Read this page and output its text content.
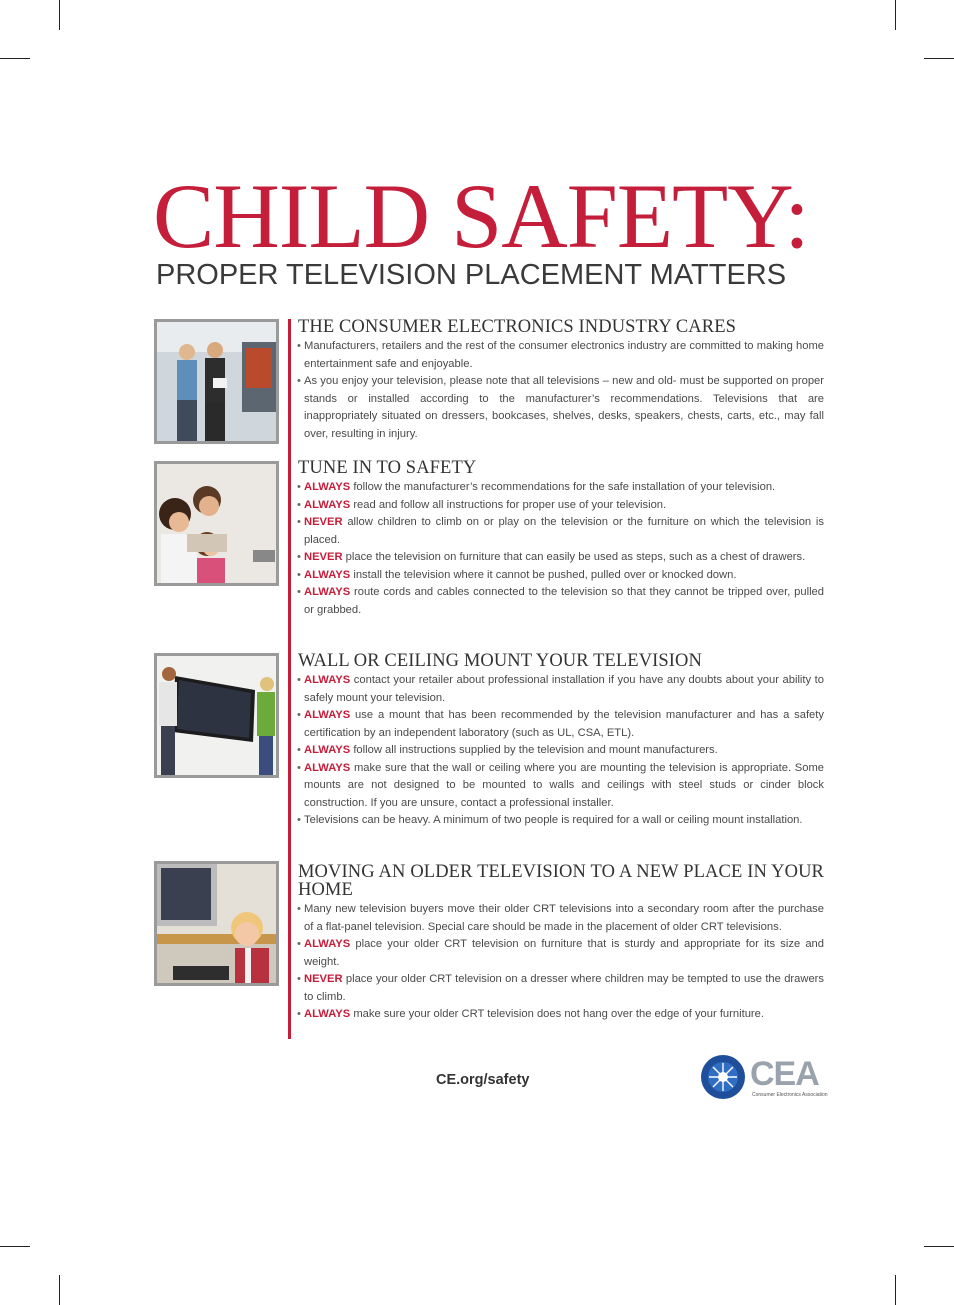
CHILD SAFETY:
PROPER TELEVISION PLACEMENT MATTERS
THE CONSUMER ELECTRONICS INDUSTRY CARES
• Manufacturers, retailers and the rest of the consumer electronics industry are committed to making home entertainment safe and enjoyable.
• As you enjoy your television, please note that all televisions – new and old- must be supported on proper stands or installed according to the manufacturer’s recommendations. Televisions that are inappropriately situated on dressers, bookcases, shelves, desks, speakers, chests, carts, etc., may fall over, resulting in injury.
TUNE IN TO SAFETY
• ALWAYS follow the manufacturer’s recommendations for the safe installation of your television.
• ALWAYS read and follow all instructions for proper use of your television.
• NEVER allow children to climb on or play on the television or the furniture on which the television is placed.
• NEVER place the television on furniture that can easily be used as steps, such as a chest of drawers.
• ALWAYS install the television where it cannot be pushed, pulled over or knocked down.
• ALWAYS route cords and cables connected to the television so that they cannot be tripped over, pulled or grabbed.
WALL OR CEILING MOUNT YOUR TELEVISION
• ALWAYS contact your retailer about professional installation if you have any doubts about your ability to safely mount your television.
• ALWAYS use a mount that has been recommended by the television manufacturer and has a safety certification by an independent laboratory (such as UL, CSA, ETL).
• ALWAYS follow all instructions supplied by the television and mount manufacturers.
• ALWAYS make sure that the wall or ceiling where you are mounting the television is appropriate. Some mounts are not designed to be mounted to walls and ceilings with steel studs or cinder block construction. If you are unsure, contact a professional installer.
• Televisions can be heavy. A minimum of two people is required for a wall or ceiling mount installation.
MOVING AN OLDER TELEVISION TO A NEW PLACE IN YOUR HOME
• Many new television buyers move their older CRT televisions into a secondary room after the purchase of a flat-panel television. Special care should be made in the placement of older CRT televisions.
• ALWAYS place your older CRT television on furniture that is sturdy and appropriate for its size and weight.
• NEVER place your older CRT television on a dresser where children may be tempted to use the drawers to climb.
• ALWAYS make sure your older CRT television does not hang over the edge of your furniture.
CE.org/safety	CEA
Consumer Electronics Association
